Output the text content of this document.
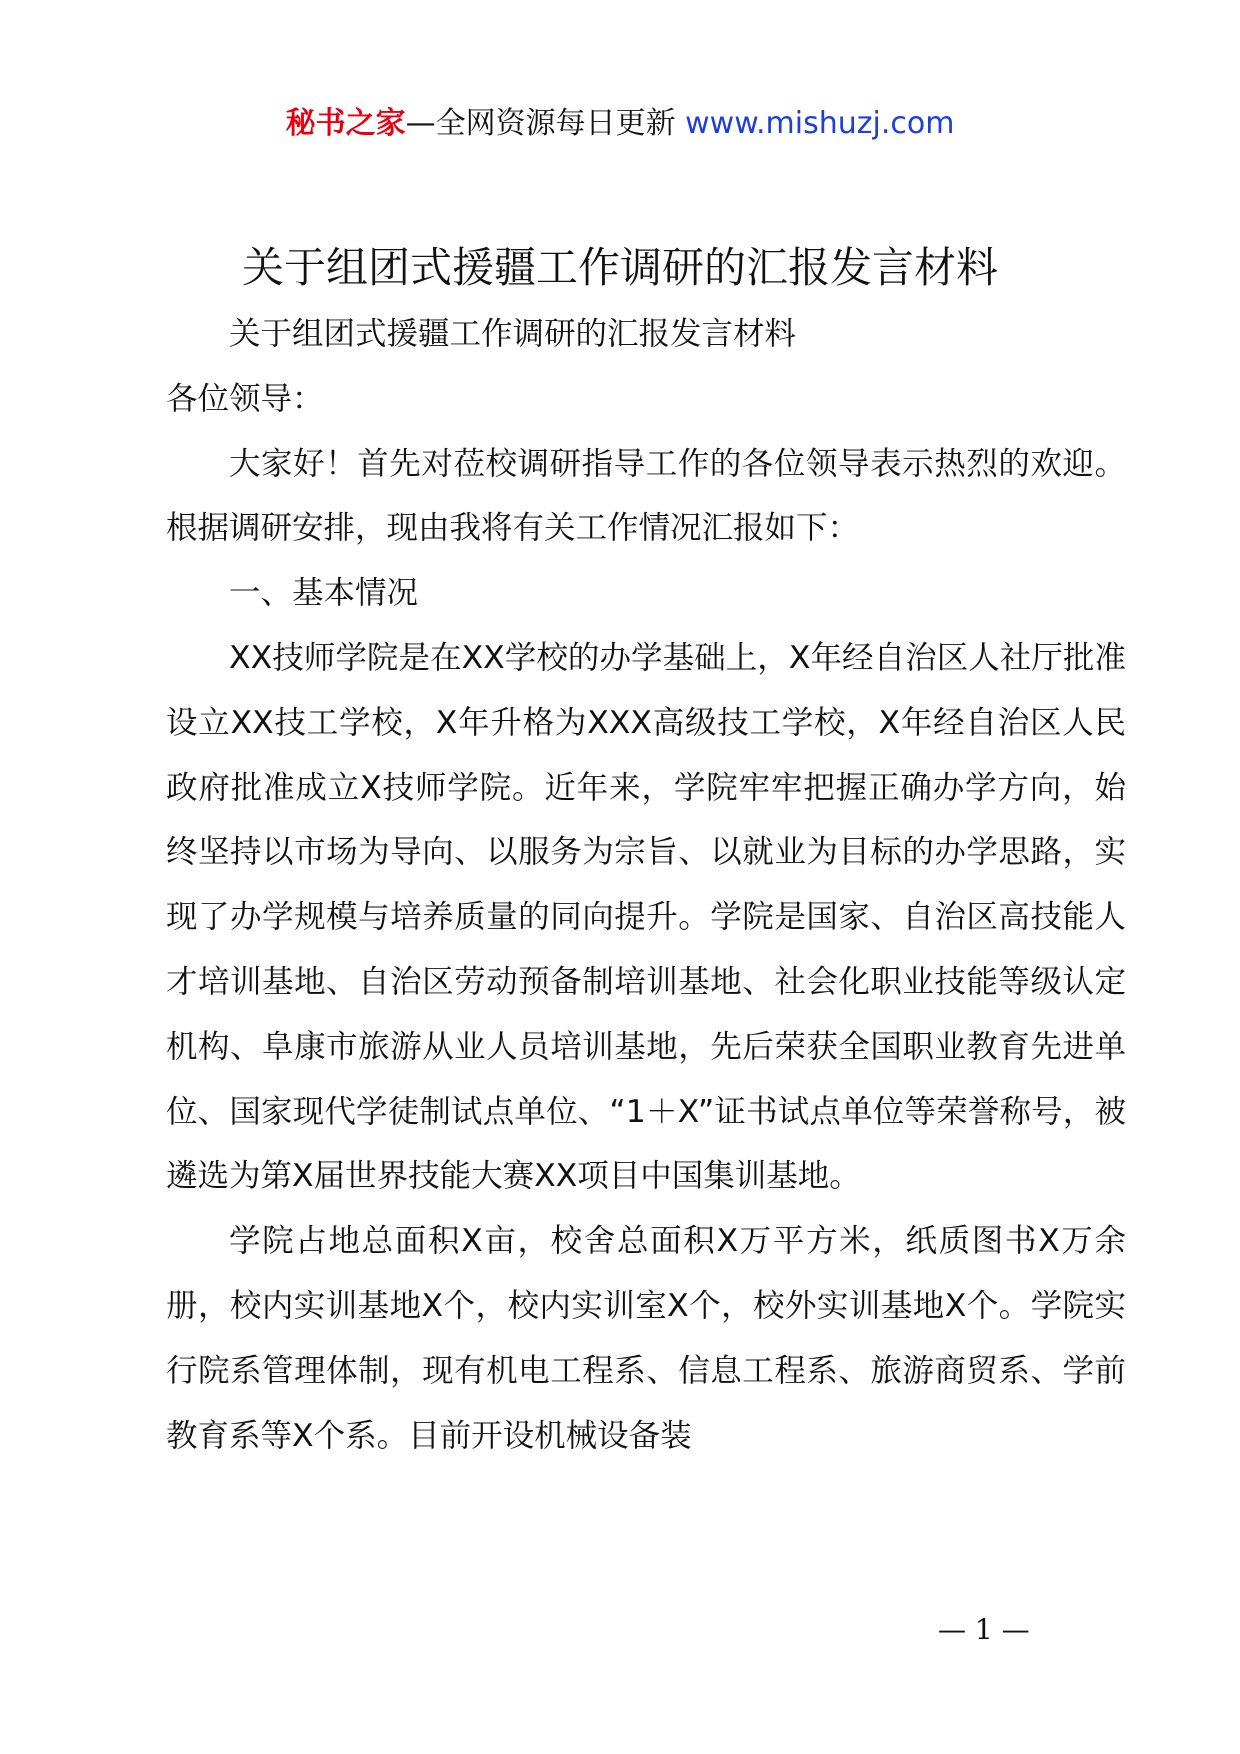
秘书之家—全网资源每日更新 www.mishuzj.com
关于组团式援疆工作调研的汇报发言材料

关于组团式援疆工作调研的汇报发言材料

各位领导：

大家好！首先对莅校调研指导工作的各位领导表示热烈的欢迎。根据调研安排，现由我将有关工作情况汇报如下：

一、基本情况

XX技师学院是在XX学校的办学基础上，X年经自治区人社厅批准设立XX技工学校，X年升格为XXX高级技工学校，X年经自治区人民政府批准成立X技师学院。近年来，学院牢牢把握正确办学方向，始终坚持以市场为导向、以服务为宗旨、以就业为目标的办学思路，实现了办学规模与培养质量的同向提升。学院是国家、自治区高技能人才培训基地、自治区劳动预备制培训基地、社会化职业技能等级认定机构、阜康市旅游从业人员培训基地，先后荣获全国职业教育先进单位、国家现代学徒制试点单位、“1＋X”证书试点单位等荣誉称号，被遴选为第X届世界技能大赛XX项目中国集训基地。

学院占地总面积X亩，校舍总面积X万平方米，纸质图书X万余册，校内实训基地X个，校内实训室X个，校外实训基地X个。学院实行院系管理体制，现有机电工程系、信息工程系、旅游商贸系、学前教育系等X个系。目前开设机械设备装

— 1 —
